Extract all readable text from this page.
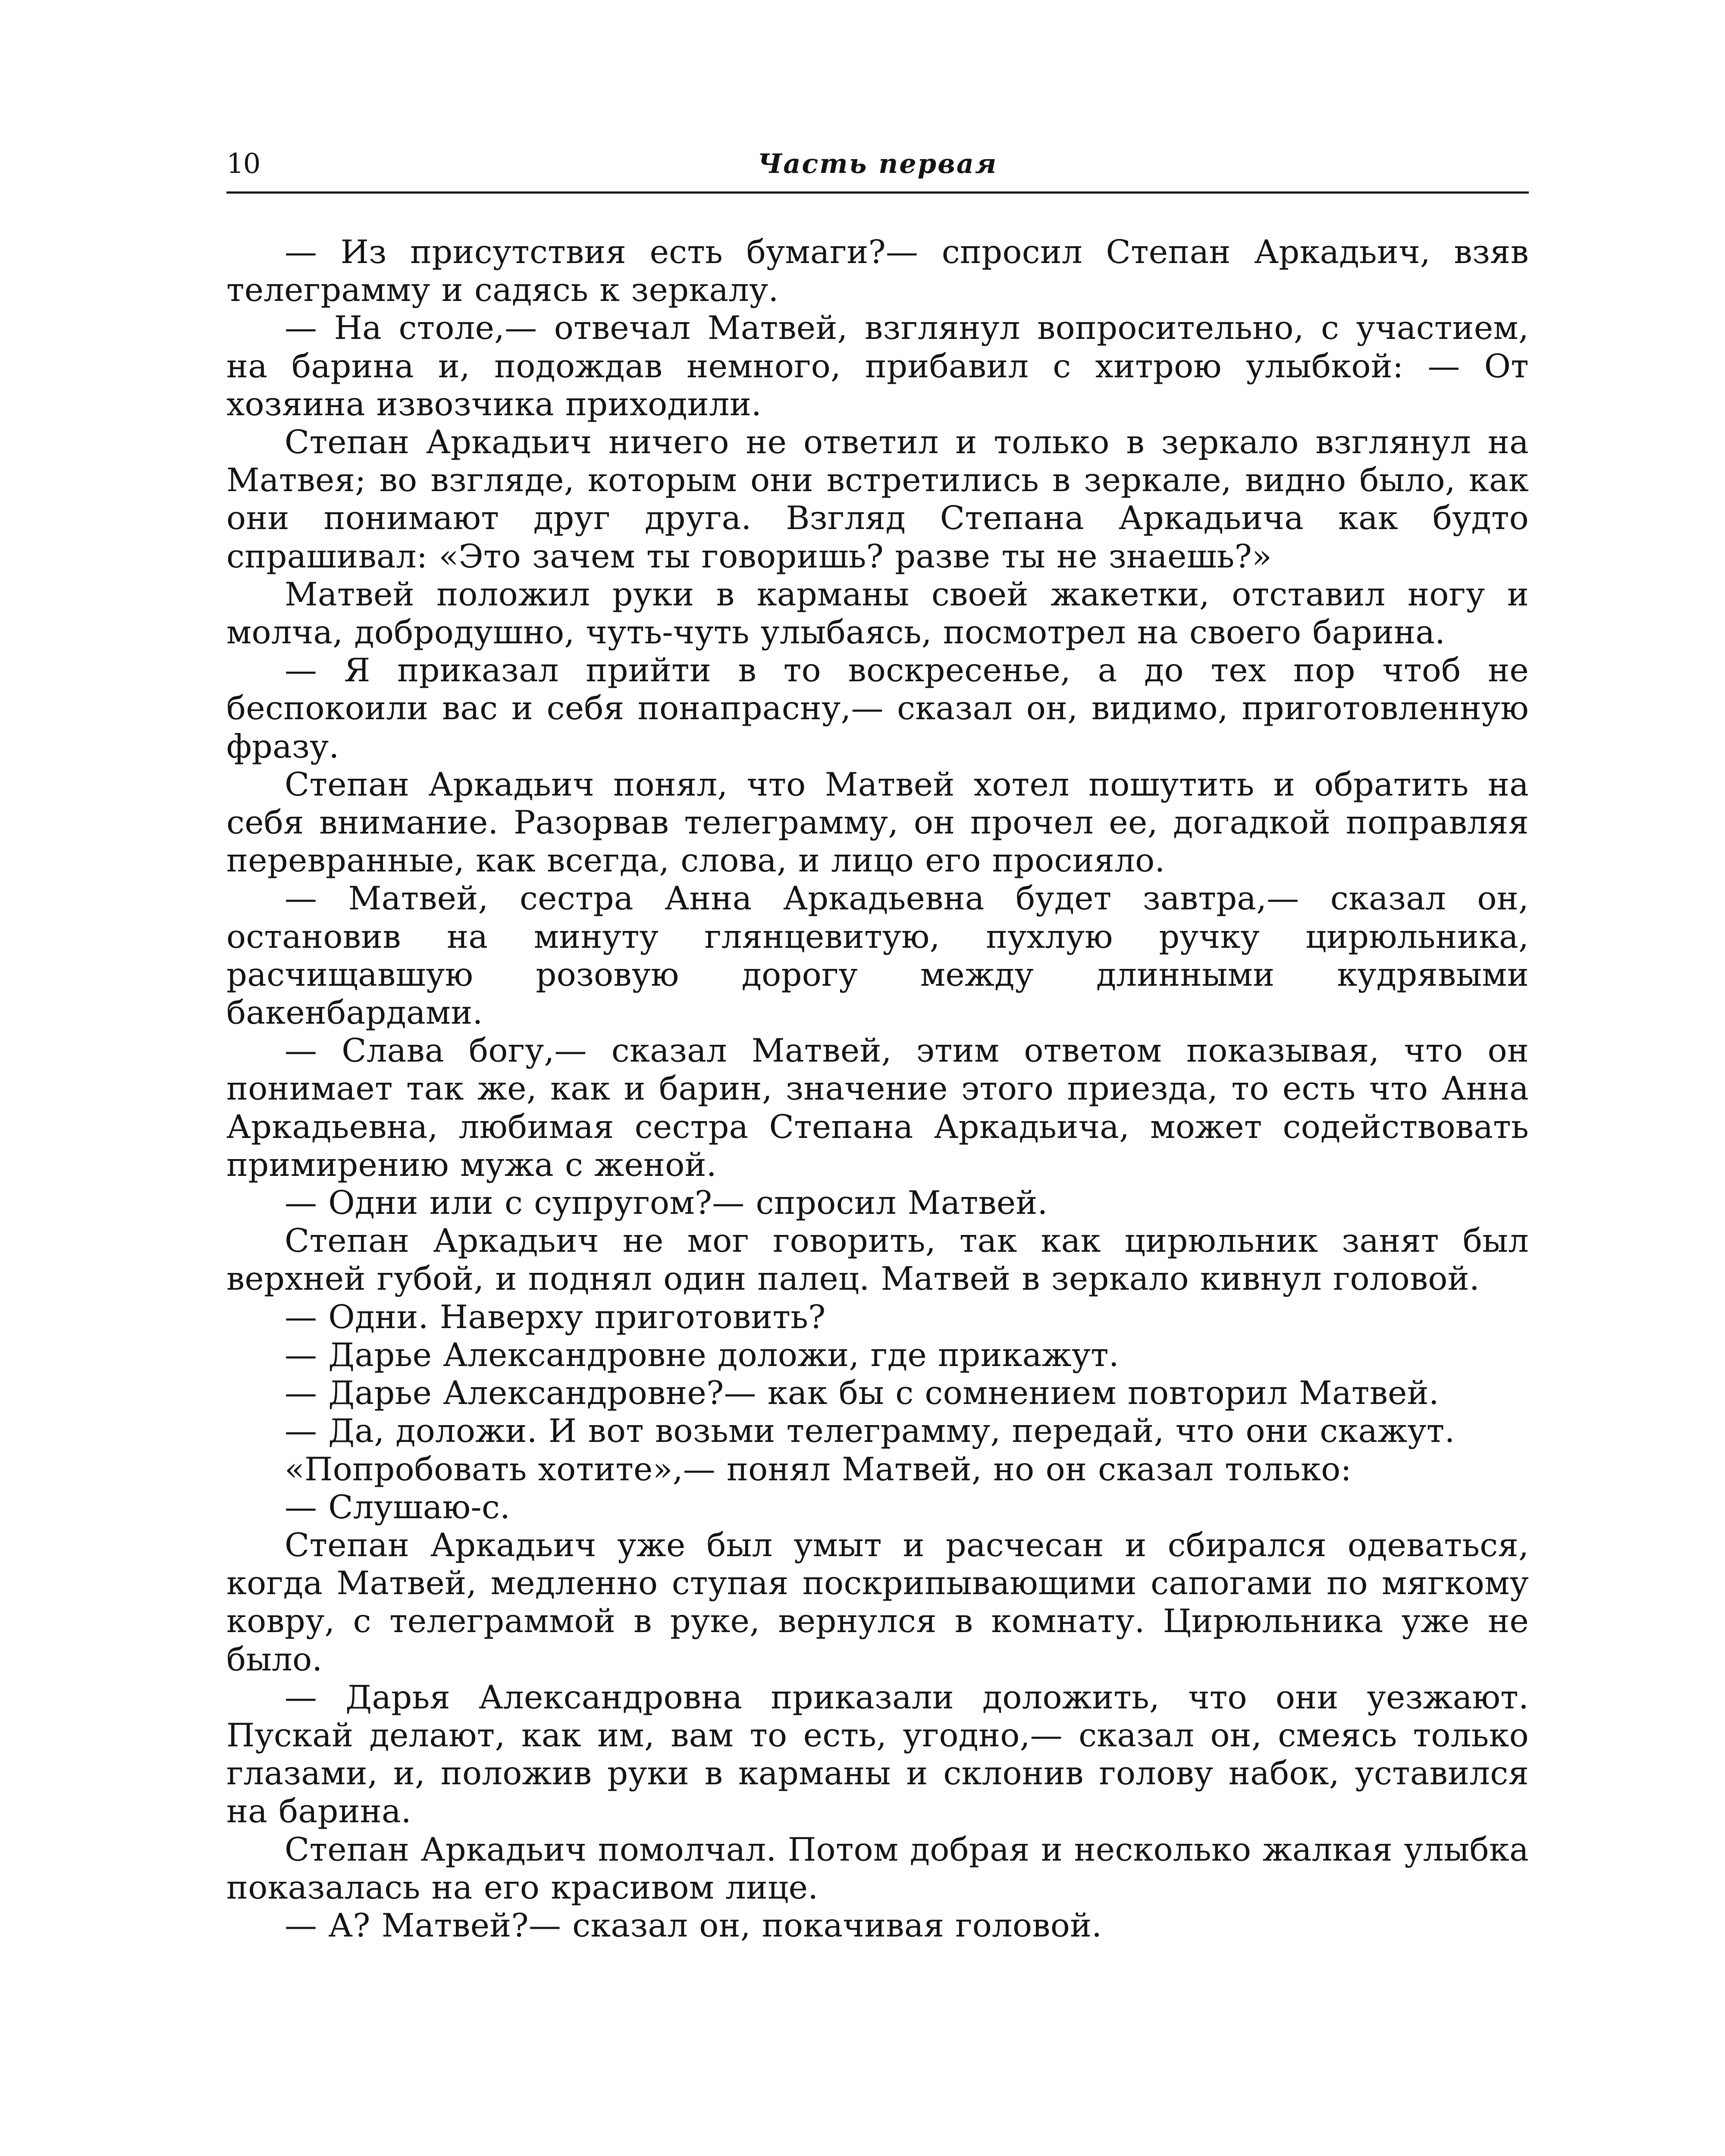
10	Часть первая

— Из присутствия есть бумаги?— спросил Степан Аркадьич, взяв телеграмму и садясь к зеркалу.

— На столе,— отвечал Матвей, взглянул вопросительно, с участием, на барина и, подождав немного, прибавил с хитрою улыбкой: — От хозяина извозчика приходили.

Степан Аркадьич ничего не ответил и только в зеркало взглянул на Матвея; во взгляде, которым они встретились в зеркале, видно было, как они понимают друг друга. Взгляд Степана Аркадьича как будто спрашивал: «Это зачем ты говоришь? разве ты не знаешь?»

Матвей положил руки в карманы своей жакетки, отставил ногу и молча, добродушно, чуть-чуть улыбаясь, посмотрел на своего барина.

— Я приказал прийти в то воскресенье, а до тех пор чтоб не беспокоили вас и себя понапрасну,— сказал он, видимо, приготовленную фразу.

Степан Аркадьич понял, что Матвей хотел пошутить и обратить на себя внимание. Разорвав телеграмму, он прочел ее, догадкой поправляя перевранные, как всегда, слова, и лицо его просияло.

— Матвей, сестра Анна Аркадьевна будет завтра,— сказал он, остановив на минуту глянцевитую, пухлую ручку цирюльника, расчищавшую розовую дорогу между длинными кудрявыми бакенбардами.

— Слава богу,— сказал Матвей, этим ответом показывая, что он понимает так же, как и барин, значение этого приезда, то есть что Анна Аркадьевна, любимая сестра Степана Аркадьича, может содействовать примирению мужа с женой.

— Одни или с супругом?— спросил Матвей.

Степан Аркадьич не мог говорить, так как цирюльник занят был верхней губой, и поднял один палец. Матвей в зеркало кивнул головой.

— Одни. Наверху приготовить?

— Дарье Александровне доложи, где прикажут.

— Дарье Александровне?— как бы с сомнением повторил Матвей.

— Да, доложи. И вот возьми телеграмму, передай, что они скажут.

«Попробовать хотите»,— понял Матвей, но он сказал только:

— Слушаю-с.

Степан Аркадьич уже был умыт и расчесан и сбирался одеваться, когда Матвей, медленно ступая поскрипывающими сапогами по мягкому ковру, с телеграммой в руке, вернулся в комнату. Цирюльника уже не было.

— Дарья Александровна приказали доложить, что они уезжают. Пускай делают, как им, вам то есть, угодно,— сказал он, смеясь только глазами, и, положив руки в карманы и склонив голову набок, уставился на барина.

Степан Аркадьич помолчал. Потом добрая и несколько жалкая улыбка показалась на его красивом лице.

— А? Матвей?— сказал он, покачивая головой.
